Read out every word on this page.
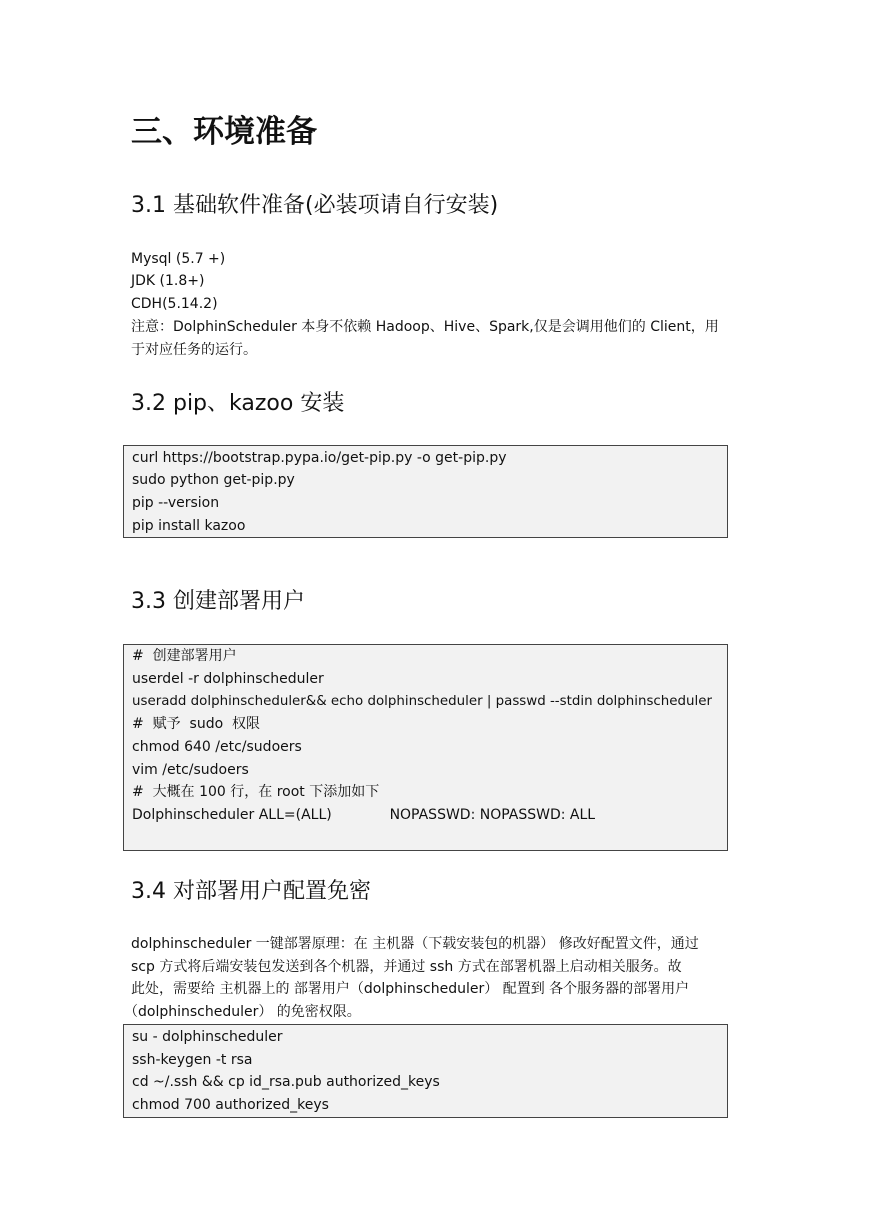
三、环境准备
3.1 基础软件准备(必装项请自行安装)
Mysql (5.7 +)
JDK (1.8+)
CDH(5.14.2)
注意：DolphinScheduler 本身不依赖 Hadoop、Hive、Spark,仅是会调用他们的 Client，用
于对应任务的运行。
3.2 pip、kazoo 安装
curl https://bootstrap.pypa.io/get-pip.py -o get-pip.py
sudo python get-pip.py
pip --version
pip install kazoo
3.3 创建部署用户
#  创建部署用户
userdel -r dolphinscheduler
useradd dolphinscheduler&& echo dolphinscheduler | passwd --stdin dolphinscheduler
#  赋予  sudo  权限
chmod 640 /etc/sudoers
vim /etc/sudoers
#  大概在 100 行，在 root 下添加如下
Dolphinscheduler ALL=(ALL)             NOPASSWD: NOPASSWD: ALL
3.4 对部署用户配置免密
dolphinscheduler 一键部署原理：在 主机器（下载安装包的机器） 修改好配置文件，通过
scp 方式将后端安装包发送到各个机器，并通过 ssh 方式在部署机器上启动相关服务。故
此处，需要给 主机器上的 部署用户（dolphinscheduler） 配置到 各个服务器的部署用户
（dolphinscheduler） 的免密权限。
su - dolphinscheduler
ssh-keygen -t rsa
cd ~/.ssh && cp id_rsa.pub authorized_keys
chmod 700 authorized_keys
